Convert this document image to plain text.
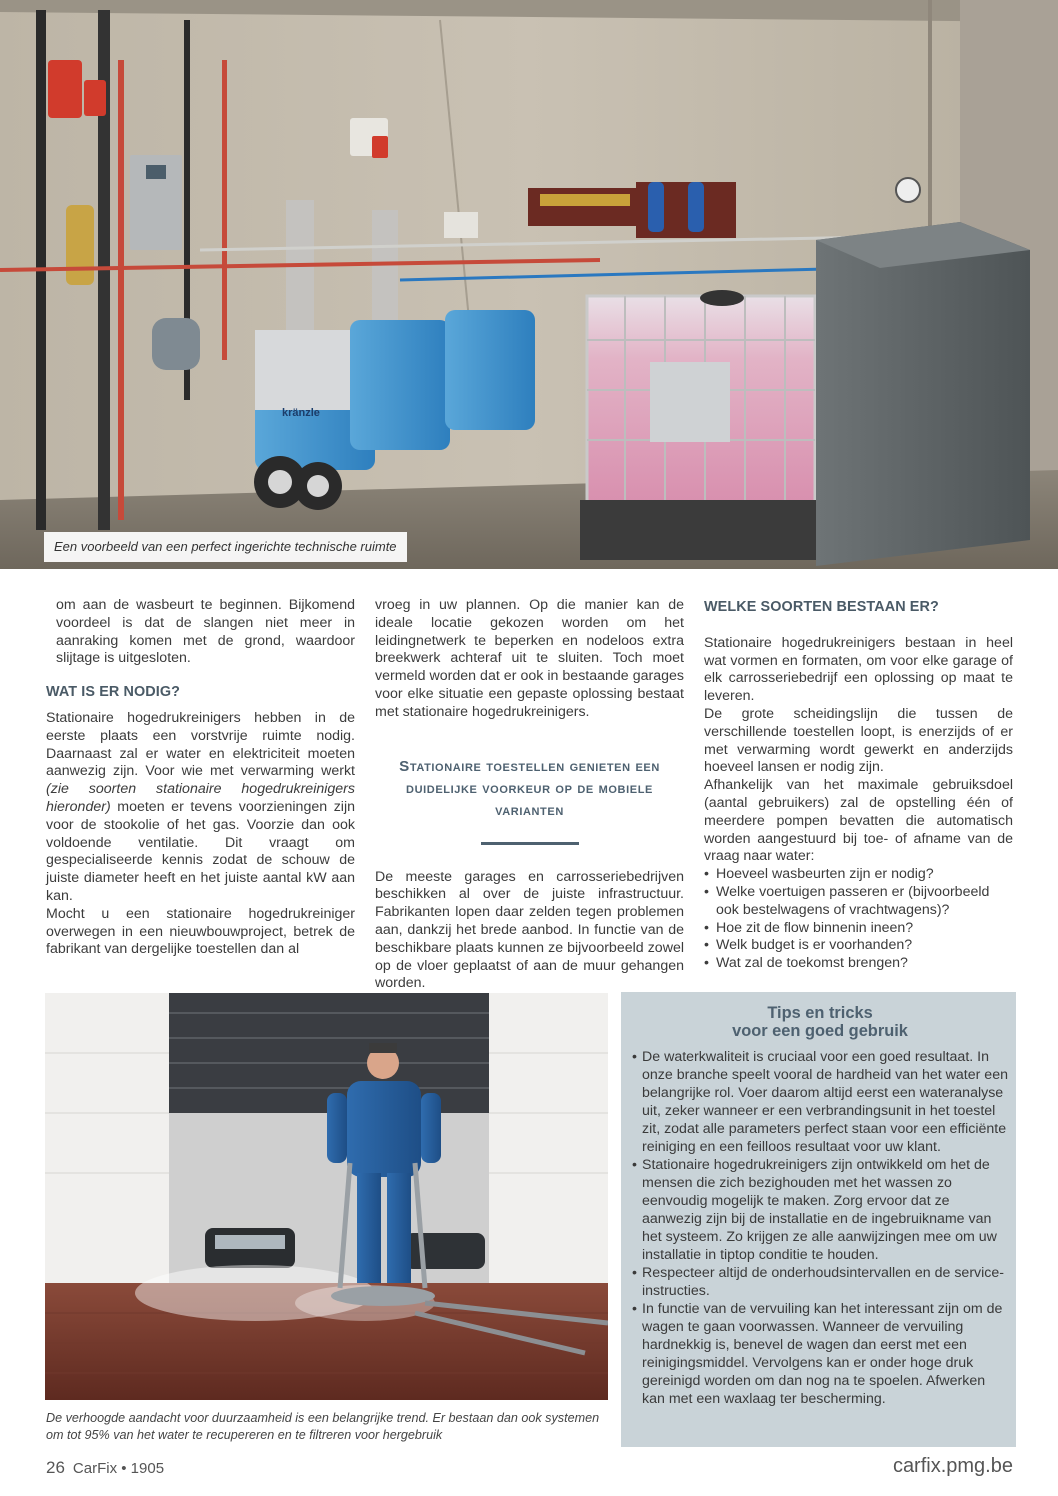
kränzle
Een voorbeeld van een perfect ingerichte technische ruimte

om aan de wasbeurt te beginnen. Bijkomend voordeel is dat de slangen niet meer in aanraking komen met de grond, waardoor slijtage is uitgesloten.

WAT IS ER NODIG?

Stationaire hogedrukreinigers hebben in de eerste plaats een vorstvrije ruimte nodig. Daarnaast zal er water en elektriciteit moeten aanwezig zijn. Voor wie met verwarming werkt (zie soorten stationaire hogedrukreinigers hieronder) moeten er tevens voorzieningen zijn voor de stookolie of het gas. Voorzie dan ook voldoende ventilatie. Dit vraagt om gespecialiseerde kennis zodat de schouw de juiste diameter heeft en het juiste aantal kW aan kan.

Mocht u een stationaire hogedrukreiniger overwegen in een nieuwbouwproject, betrek de fabrikant van dergelijke toestellen dan al

vroeg in uw plannen. Op die manier kan de ideale locatie gekozen worden om het leidingnetwerk te beperken en nodeloos extra breekwerk achteraf uit te sluiten. Toch moet vermeld worden dat er ook in bestaande garages voor elke situatie een gepaste oplossing bestaat met stationaire hogedrukreinigers.

Stationaire toestellen genieten een duidelijke voorkeur op de mobiele varianten

De meeste garages en carrosseriebedrijven beschikken al over de juiste infrastructuur. Fabrikanten lopen daar zelden tegen problemen aan, dankzij het brede aanbod. In functie van de beschikbare plaats kunnen ze bijvoorbeeld zowel op de vloer geplaatst of aan de muur gehangen worden.

WELKE SOORTEN BESTAAN ER?

Stationaire hogedrukreinigers bestaan in heel wat vormen en formaten, om voor elke garage of elk carrosseriebedrijf een oplossing op maat te leveren.

De grote scheidingslijn die tussen de verschillende toestellen loopt, is enerzijds of er met verwarming wordt gewerkt en anderzijds hoeveel lansen er nodig zijn.

Afhankelijk van het maximale gebruiksdoel (aantal gebruikers) zal de opstelling één of meerdere pompen bevatten die automatisch worden aangestuurd bij toe- of afname van de vraag naar water:

• Hoeveel wasbeurten zijn er nodig?
• Welke voertuigen passeren er (bijvoorbeeld ook bestelwagens of vrachtwagens)?
• Hoe zit de flow binnenin ineen?
• Welk budget is er voorhanden?
• Wat zal de toekomst brengen?
De verhoogde aandacht voor duurzaamheid is een belangrijke trend. Er bestaan dan ook systemen om tot 95% van het water te recupereren en te filtreren voor hergebruik
Tips en tricks
voor een goed gebruik
• De waterkwaliteit is cruciaal voor een goed resultaat. In onze branche speelt vooral de hardheid van het water een belangrijke rol. Voer daarom altijd eerst een wateranalyse uit, zeker wanneer er een verbrandingsunit in het toestel zit, zodat alle parameters perfect staan voor een efficiënte reiniging en een feilloos resultaat voor uw klant.
• Stationaire hogedrukreinigers zijn ontwikkeld om het de mensen die zich bezighouden met het wassen zo eenvoudig mogelijk te maken. Zorg ervoor dat ze aanwezig zijn bij de installatie en de ingebruikname van het systeem. Zo krijgen ze alle aanwijzingen mee om uw installatie in tiptop conditie te houden.
• Respecteer altijd de onderhoudsintervallen en de service-instructies.
• In functie van de vervuiling kan het interessant zijn om de wagen te gaan voorwassen. Wanneer de vervuiling hardnekkig is, benevel de wagen dan eerst met een reinigingsmiddel. Vervolgens kan er onder hoge druk gereinigd worden om dan nog na te spoelen. Afwerken kan met een waxlaag ter bescherming.
26 CarFix • 1905	carfix.pmg.be
